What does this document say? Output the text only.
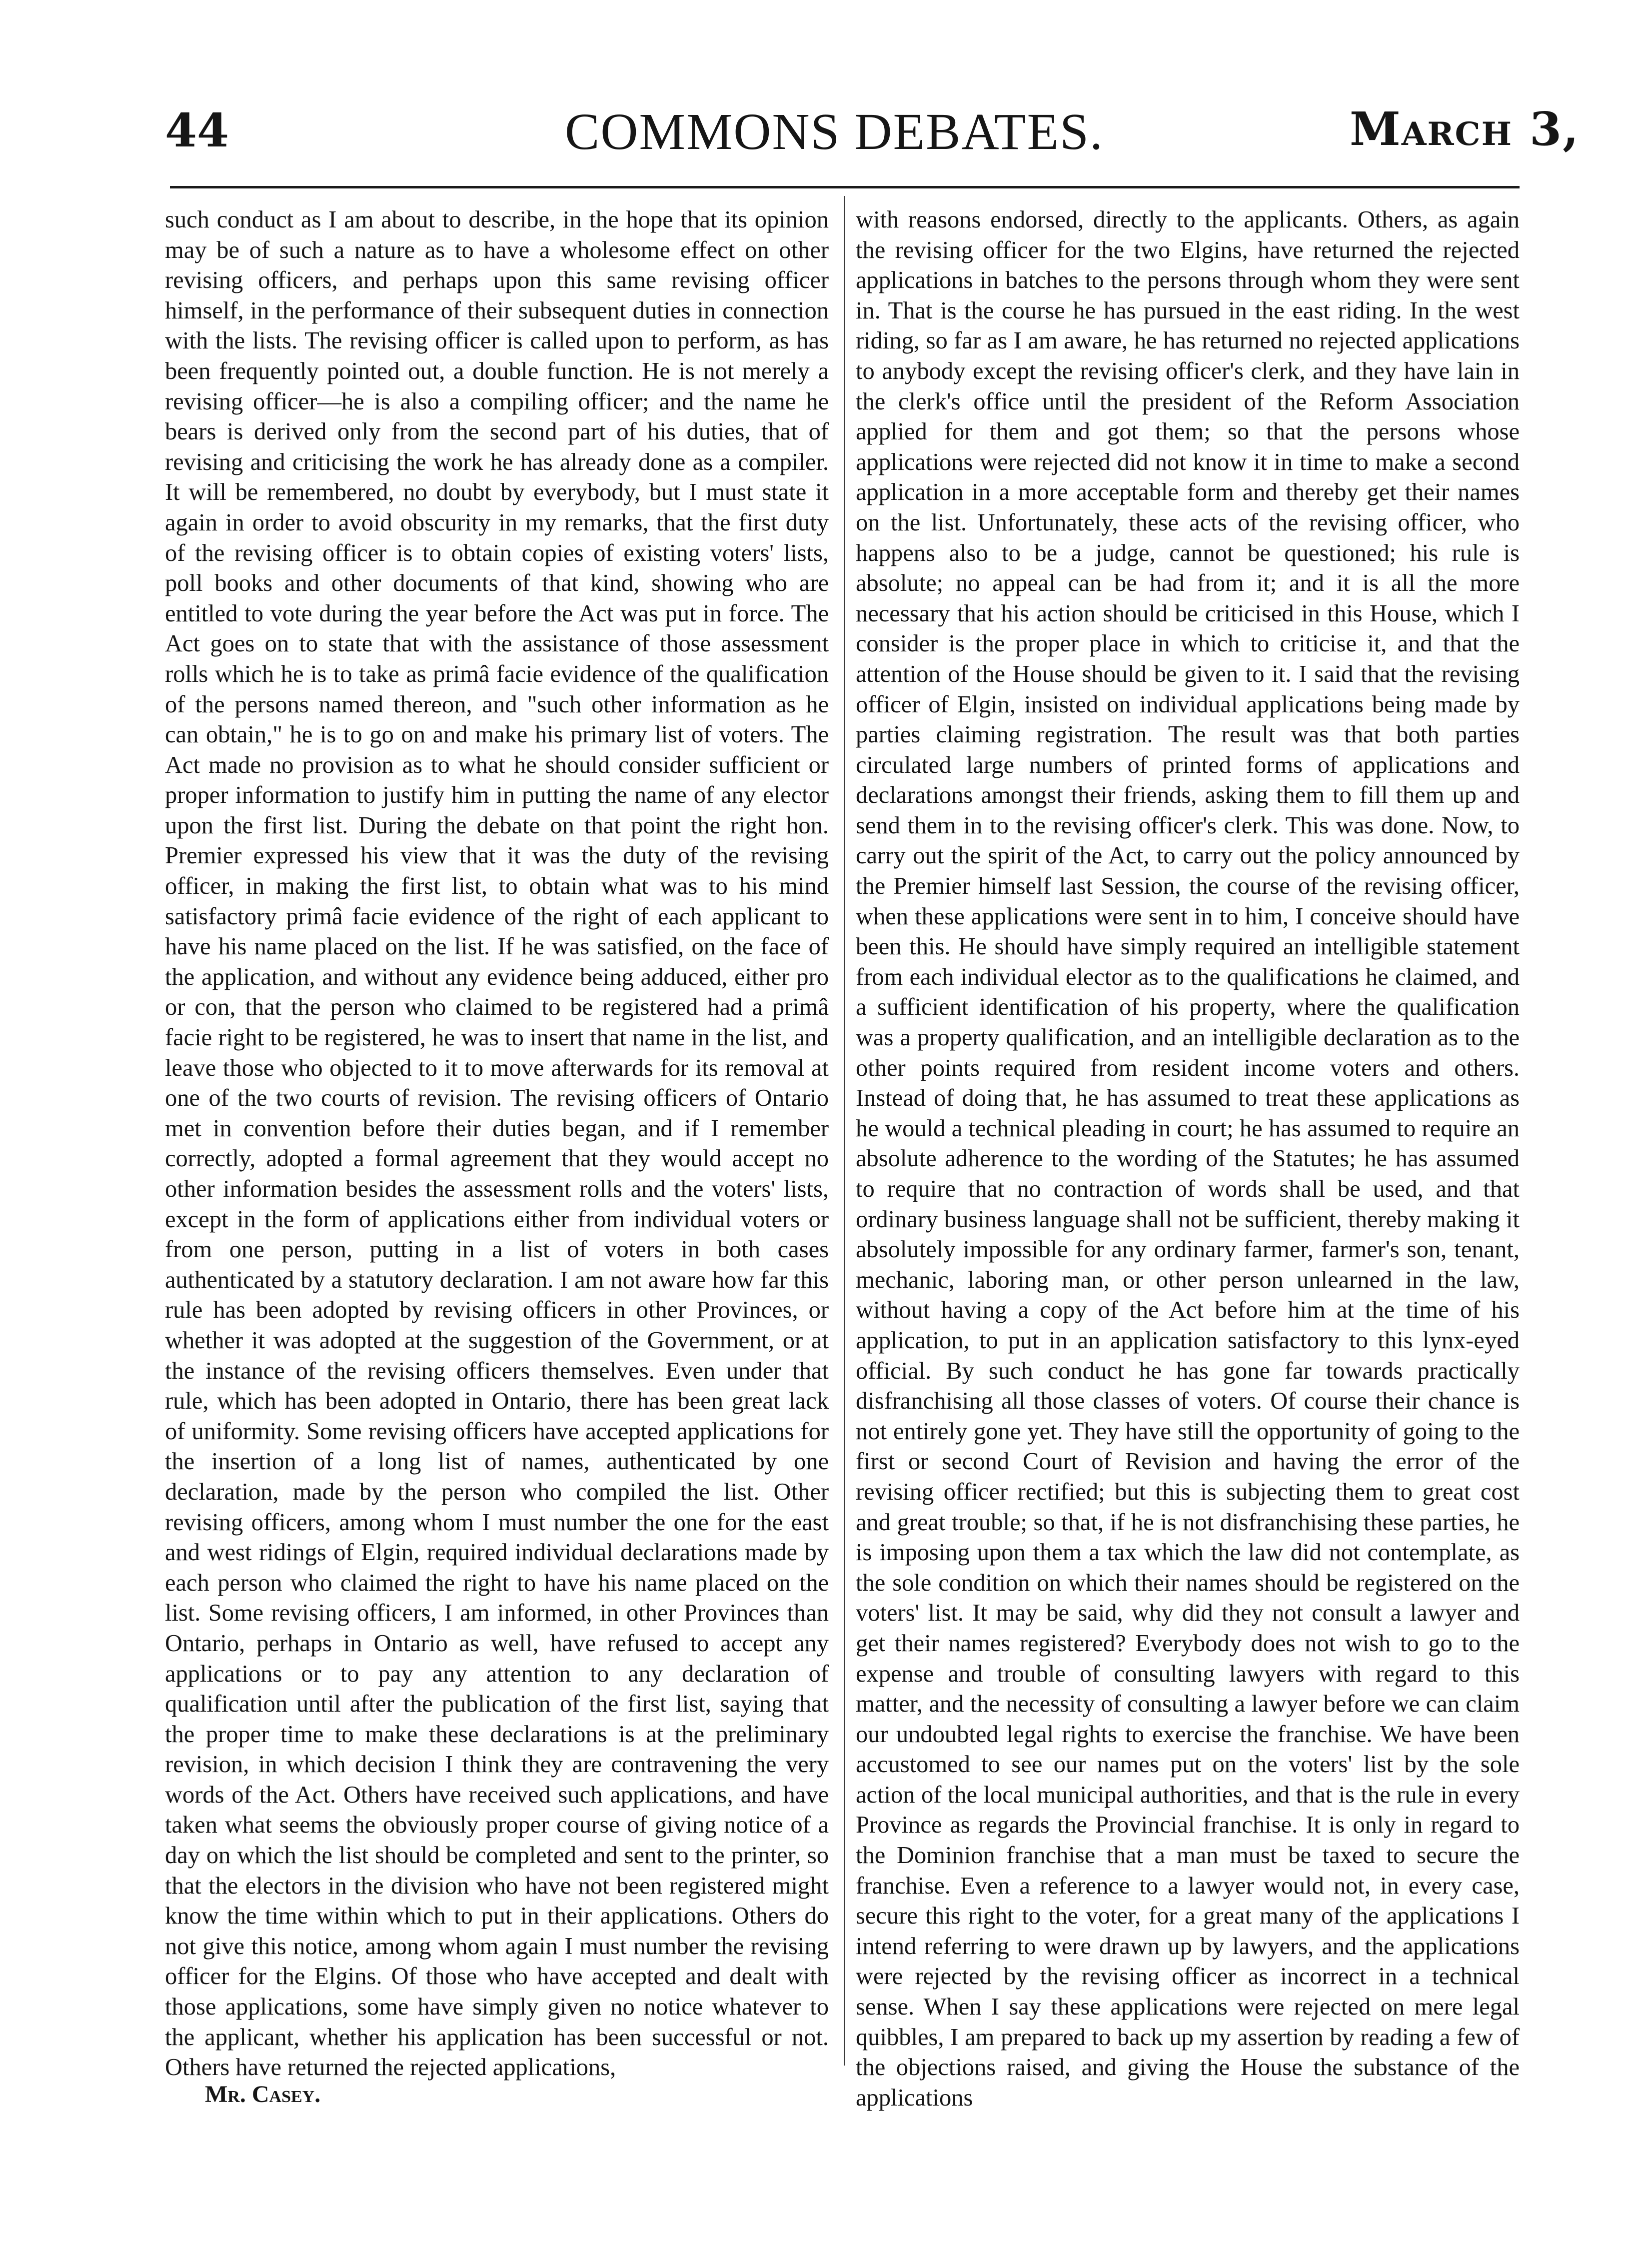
44	COMMONS DEBATES.	March 3,

such conduct as I am about to describe, in the hope that its opinion may be of such a nature as to have a wholesome effect on other revising officers, and perhaps upon this same revising officer himself, in the performance of their subsequent duties in connection with the lists. The revising officer is called upon to perform, as has been frequently pointed out, a double function. He is not merely a revising officer—he is also a compiling officer; and the name he bears is derived only from the second part of his duties, that of revising and criticising the work he has already done as a compiler. It will be remembered, no doubt by everybody, but I must state it again in order to avoid obscurity in my remarks, that the first duty of the revising officer is to obtain copies of existing voters' lists, poll books and other documents of that kind, showing who are entitled to vote during the year before the Act was put in force. The Act goes on to state that with the assistance of those assessment rolls which he is to take as primâ facie evidence of the qualification of the persons named thereon, and "such other information as he can obtain," he is to go on and make his primary list of voters. The Act made no provision as to what he should consider sufficient or proper information to justify him in putting the name of any elector upon the first list. During the debate on that point the right hon. Premier expressed his view that it was the duty of the revising officer, in making the first list, to obtain what was to his mind satisfactory primâ facie evidence of the right of each applicant to have his name placed on the list. If he was satisfied, on the face of the application, and without any evidence being adduced, either pro or con, that the person who claimed to be registered had a primâ facie right to be registered, he was to insert that name in the list, and leave those who objected to it to move afterwards for its removal at one of the two courts of revision. The revising officers of Ontario met in convention before their duties began, and if I remember correctly, adopted a formal agreement that they would accept no other information besides the assessment rolls and the voters' lists, except in the form of applications either from individual voters or from one person, putting in a list of voters in both cases authenticated by a statutory declaration. I am not aware how far this rule has been adopted by revising officers in other Provinces, or whether it was adopted at the suggestion of the Government, or at the instance of the revising officers themselves. Even under that rule, which has been adopted in Ontario, there has been great lack of uniformity. Some revising officers have accepted applications for the insertion of a long list of names, authenticated by one declaration, made by the person who compiled the list. Other revising officers, among whom I must number the one for the east and west ridings of Elgin, required individual declarations made by each person who claimed the right to have his name placed on the list. Some revising officers, I am informed, in other Provinces than Ontario, perhaps in Ontario as well, have refused to accept any applications or to pay any attention to any declaration of qualification until after the publication of the first list, saying that the proper time to make these declarations is at the preliminary revision, in which decision I think they are contravening the very words of the Act. Others have received such applications, and have taken what seems the obviously proper course of giving notice of a day on which the list should be completed and sent to the printer, so that the electors in the division who have not been registered might know the time within which to put in their applications. Others do not give this notice, among whom again I must number the revising officer for the Elgins. Of those who have accepted and dealt with those applications, some have simply given no notice whatever to the applicant, whether his application has been successful or not. Others have returned the rejected applications,

with reasons endorsed, directly to the applicants. Others, as again the revising officer for the two Elgins, have returned the rejected applications in batches to the persons through whom they were sent in. That is the course he has pursued in the east riding. In the west riding, so far as I am aware, he has returned no rejected applications to anybody except the revising officer's clerk, and they have lain in the clerk's office until the president of the Reform Association applied for them and got them; so that the persons whose applications were rejected did not know it in time to make a second application in a more acceptable form and thereby get their names on the list. Unfortunately, these acts of the revising officer, who happens also to be a judge, cannot be questioned; his rule is absolute; no appeal can be had from it; and it is all the more necessary that his action should be criticised in this House, which I consider is the proper place in which to criticise it, and that the attention of the House should be given to it. I said that the revising officer of Elgin, insisted on individual applications being made by parties claiming registration. The result was that both parties circulated large numbers of printed forms of applications and declarations amongst their friends, asking them to fill them up and send them in to the revising officer's clerk. This was done. Now, to carry out the spirit of the Act, to carry out the policy announced by the Premier himself last Session, the course of the revising officer, when these applications were sent in to him, I conceive should have been this. He should have simply required an intelligible statement from each individual elector as to the qualifications he claimed, and a sufficient identification of his property, where the qualification was a property qualification, and an intelligible declaration as to the other points required from resident income voters and others. Instead of doing that, he has assumed to treat these applications as he would a technical pleading in court; he has assumed to require an absolute adherence to the wording of the Statutes; he has assumed to require that no contraction of words shall be used, and that ordinary business language shall not be sufficient, thereby making it absolutely impossible for any ordinary farmer, farmer's son, tenant, mechanic, laboring man, or other person unlearned in the law, without having a copy of the Act before him at the time of his application, to put in an application satisfactory to this lynx-eyed official. By such conduct he has gone far towards practically disfranchising all those classes of voters. Of course their chance is not entirely gone yet. They have still the opportunity of going to the first or second Court of Revision and having the error of the revising officer rectified; but this is subjecting them to great cost and great trouble; so that, if he is not disfranchising these parties, he is imposing upon them a tax which the law did not contemplate, as the sole condition on which their names should be registered on the voters' list. It may be said, why did they not consult a lawyer and get their names registered? Everybody does not wish to go to the expense and trouble of consulting lawyers with regard to this matter, and the necessity of consulting a lawyer before we can claim our undoubted legal rights to exercise the franchise. We have been accustomed to see our names put on the voters' list by the sole action of the local municipal authorities, and that is the rule in every Province as regards the Provincial franchise. It is only in regard to the Dominion franchise that a man must be taxed to secure the franchise. Even a reference to a lawyer would not, in every case, secure this right to the voter, for a great many of the applications I intend referring to were drawn up by lawyers, and the applications were rejected by the revising officer as incorrect in a technical sense. When I say these applications were rejected on mere legal quibbles, I am prepared to back up my assertion by reading a few of the objections raised, and giving the House the substance of the applications

Mr. Casey.
